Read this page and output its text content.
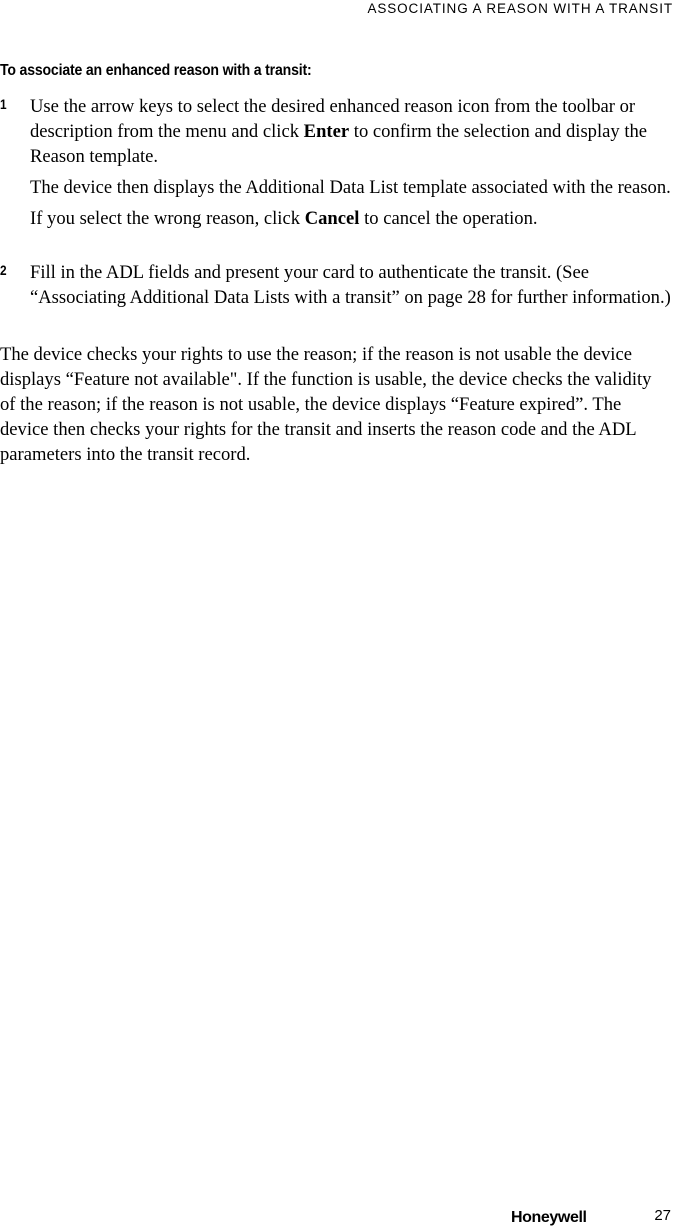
ASSOCIATING A REASON WITH A TRANSIT
To associate an enhanced reason with a transit:
1 Use the arrow keys to select the desired enhanced reason icon from the toolbar or description from the menu and click Enter to confirm the selection and display the Reason template.
The device then displays the Additional Data List template associated with the reason.
If you select the wrong reason, click Cancel to cancel the operation.
2 Fill in the ADL fields and present your card to authenticate the transit. (See “Associating Additional Data Lists with a transit” on page 28 for further information.)
The device checks your rights to use the reason; if the reason is not usable the device displays “Feature not available". If the function is usable, the device checks the validity of the reason; if the reason is not usable, the device displays “Feature expired”. The device then checks your rights for the transit and inserts the reason code and the ADL parameters into the transit record.
Honeywell	27
